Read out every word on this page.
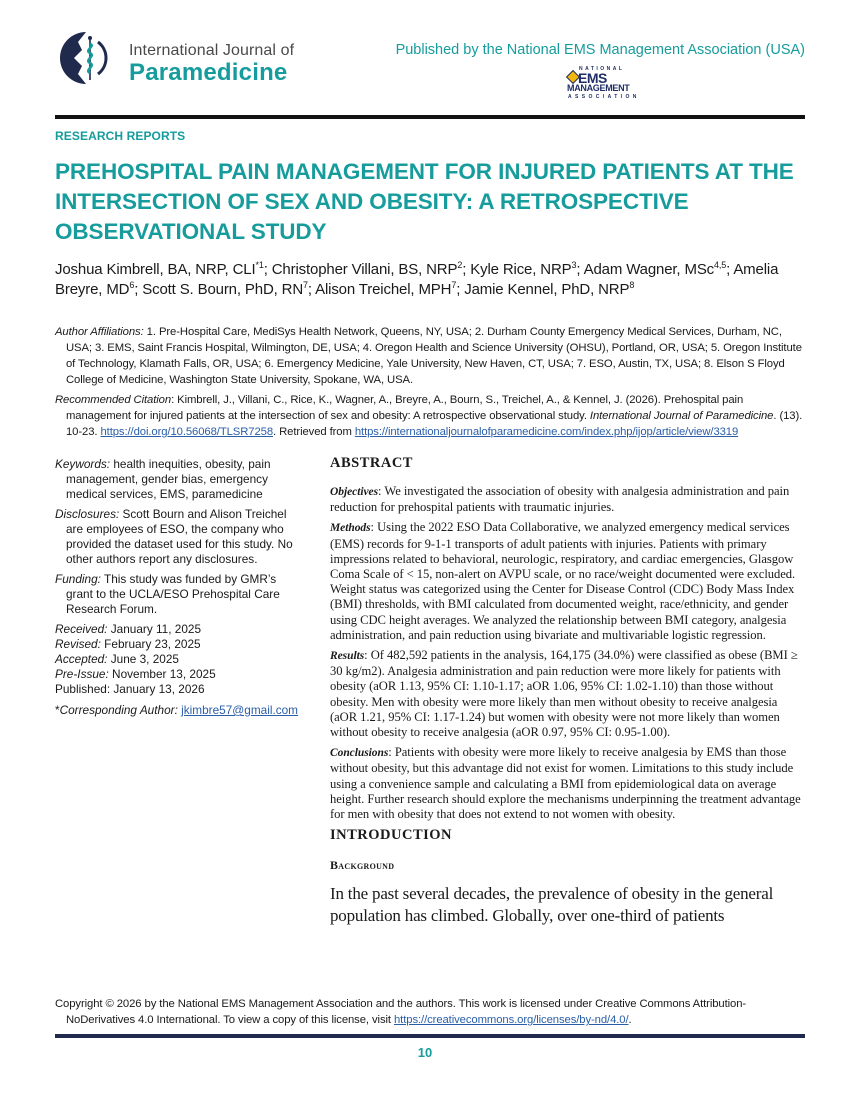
International Journal of
Paramedicine
Published by the National EMS Management Association (USA)
NATIONAL
EMS
MANAGEMENT
ASSOCIATION
RESEARCH REPORTS
PREHOSPITAL PAIN MANAGEMENT FOR INJURED PATIENTS AT THE INTERSECTION OF SEX AND OBESITY: A RETROSPECTIVE OBSERVATIONAL STUDY
Joshua Kimbrell, BA, NRP, CLI$^{*1}$; Christopher Villani, BS, NRP$^2$; Kyle Rice, NRP$^3$; Adam Wagner, MSc$^{4,5}$; Amelia Breyre, $MD^6$; Scott S. Bourn, PhD, $RN^7$; Alison Treichel, MPH$^7$; Jamie Kennel, PhD, NRP$^8$
Author Affiliations: 1. Pre-Hospital Care, MediSys Health Network, Queens, NY, USA; 2. Durham County Emergency Medical Services, Durham, NC, USA; 3. EMS, Saint Francis Hospital, Wilmington, DE, USA; 4. Oregon Health and Science University (OHSU), Portland, OR, USA; 5. Oregon Institute of Technology, Klamath Falls, OR, USA; 6. Emergency Medicine, Yale University, New Haven, CT, USA; 7. ESO, Austin, TX, USA; 8. Elson S Floyd College of Medicine, Washington State University, Spokane, WA, USA.
Recommended Citation: Kimbrell, J., Villani, C., Rice, K., Wagner, A., Breyre, A., Bourn, S., Treichel, A., & Kennel, J. (2026). Prehospital pain management for injured patients at the intersection of sex and obesity: A retrospective observational study. International Journal of Paramedicine. (13). 10-23. https://doi.org/10.56068/TLSR7258. Retrieved from https://internationaljournalofparamedicine.com/index.php/ijop/article/view/3319
Keywords: health inequities, obesity, pain management, gender bias, emergency medical services, EMS, paramedicine
Disclosures: Scott Bourn and Alison Treichel are employees of ESO, the company who provided the dataset used for this study. No other authors report any disclosures.
Funding: This study was funded by GMR’s grant to the UCLA/ESO Prehospital Care Research Forum.
Received: January 11, 2025
Revised: February 23, 2025
Accepted: June 3, 2025
Pre-Issue: November 13, 2025
Published: January 13, 2026
*Corresponding Author: jkimbre57@gmail.com
ABSTRACT
Objectives: We investigated the association of obesity with analgesia administration and pain reduction for prehospital patients with traumatic injuries.
Methods: Using the 2022 ESO Data Collaborative, we analyzed emergency medical services (EMS) records for 9-1-1 transports of adult patients with injuries. Patients with primary impressions related to behavioral, neurologic, respiratory, and cardiac emergencies, Glasgow Coma Scale of < 15, non-alert on AVPU scale, or no race/weight documented were excluded. Weight status was categorized using the Center for Disease Control (CDC) Body Mass Index (BMI) thresholds, with BMI calculated from documented weight, race/ethnicity, and gender using CDC height averages. We analyzed the relationship between BMI category, analgesia administration, and pain reduction using bivariate and multivariable logistic regression.
Results: Of 482,592 patients in the analysis, 164,175 (34.0%) were classified as obese (BMI ≥ 30 kg/m2). Analgesia administration and pain reduction were more likely for patients with obesity (aOR 1.13, 95% CI: 1.10-1.17; aOR 1.06, 95% CI: 1.02-1.10) than those without obesity. Men with obesity were more likely than men without obesity to receive analgesia (aOR 1.21, 95% CI: 1.17-1.24) but women with obesity were not more likely than women without obesity to receive analgesia (aOR 0.97, 95% CI: 0.95-1.00).
Conclusions: Patients with obesity were more likely to receive analgesia by EMS than those without obesity, but this advantage did not exist for women. Limitations to this study include using a convenience sample and calculating a BMI from epidemiological data on average height. Further research should explore the mechanisms underpinning the treatment advantage for men with obesity that does not extend to not women with obesity.
INTRODUCTION
Background
In the past several decades, the prevalence of obesity in the general population has climbed. Globally, over one-third of patients
Copyright © 2026 by the National EMS Management Association and the authors. This work is licensed under Creative Commons Attribution-NoDerivatives 4.0 International. To view a copy of this license, visit https://creativecommons.org/licenses/by-nd/4.0/.
10
